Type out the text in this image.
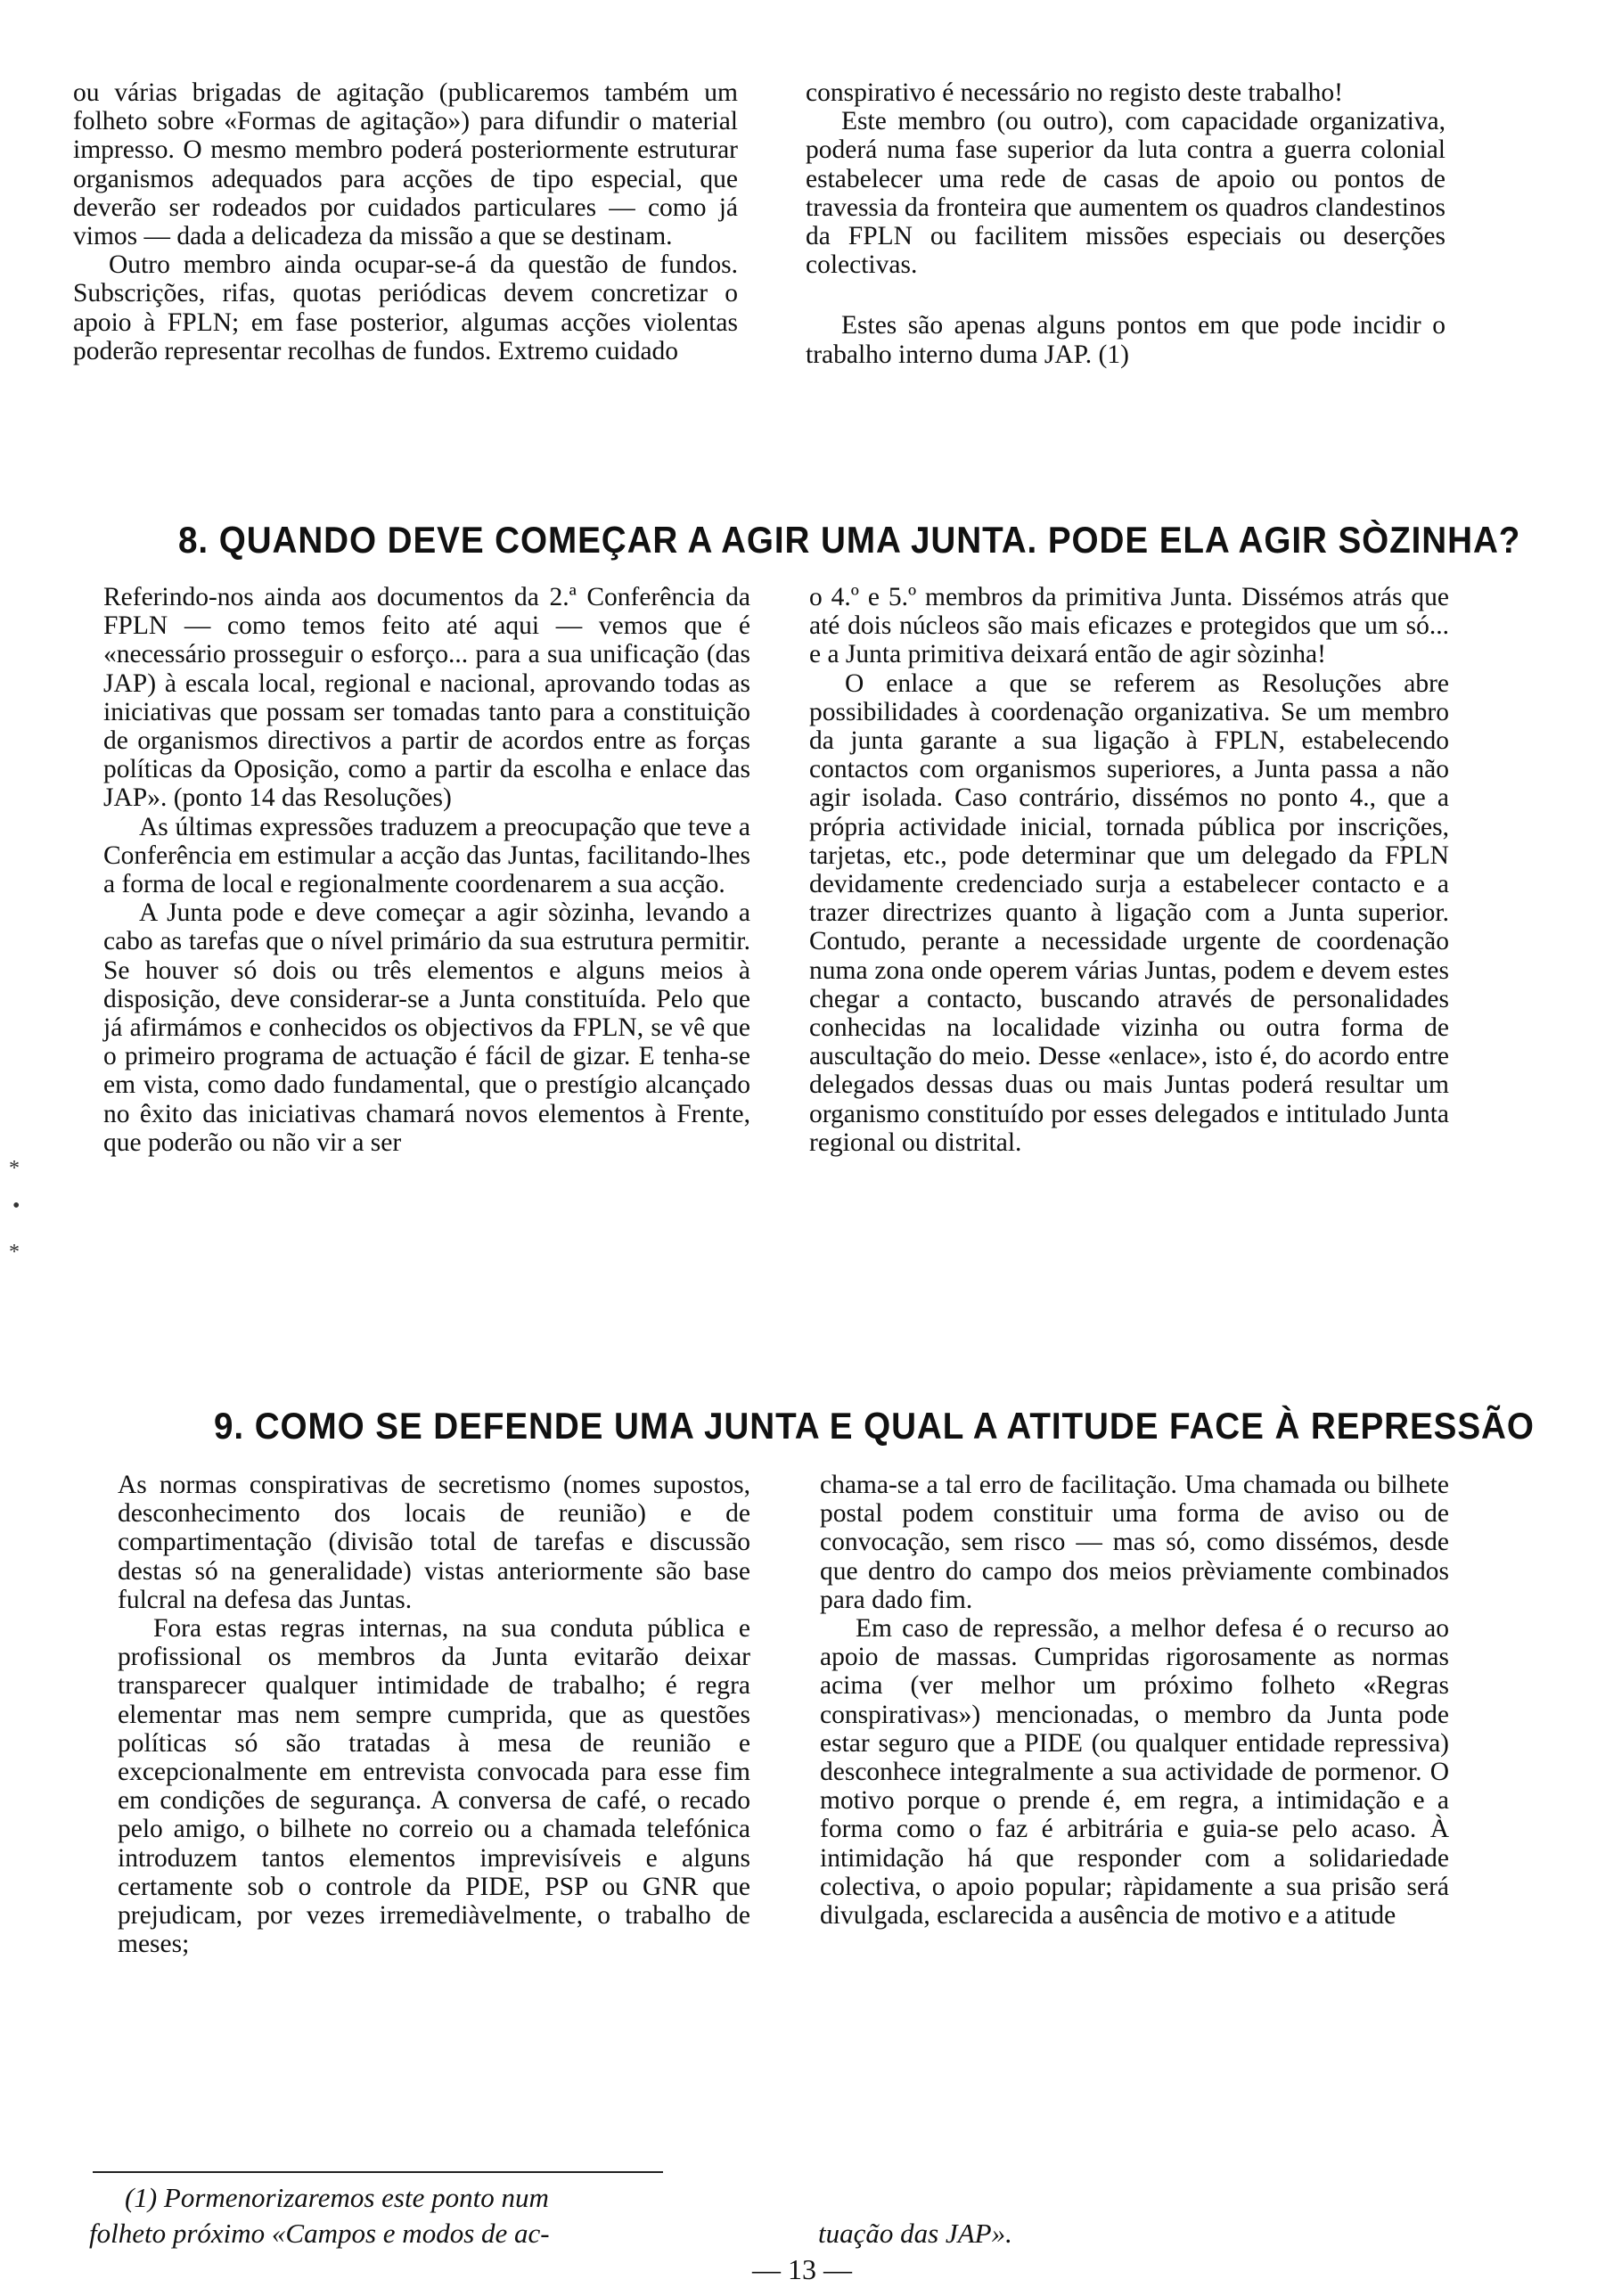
ou várias brigadas de agitação (publicaremos também um folheto sobre «Formas de agitação») para difundir o material impresso. O mesmo membro poderá posteriormente estruturar organismos adequados para acções de tipo especial, que deverão ser rodeados por cuidados particulares — como já vimos — dada a delicadeza da missão a que se destinam.

Outro membro ainda ocupar-se-á da questão de fundos. Subscrições, rifas, quotas periódicas devem concretizar o apoio à FPLN; em fase posterior, algumas acções violentas poderão representar recolhas de fundos. Extremo cuidado

conspirativo é necessário no registo deste trabalho!

Este membro (ou outro), com capacidade organizativa, poderá numa fase superior da luta contra a guerra colonial estabelecer uma rede de casas de apoio ou pontos de travessia da fronteira que aumentem os quadros clandestinos da FPLN ou facilitem missões especiais ou deserções colectivas.

Estes são apenas alguns pontos em que pode incidir o trabalho interno duma JAP. (1)

8. QUANDO DEVE COMEÇAR A AGIR UMA JUNTA. PODE ELA AGIR SÒZINHA?

Referindo-nos ainda aos documentos da 2.ª Conferência da FPLN — como temos feito até aqui — vemos que é «necessário prosseguir o esforço... para a sua unificação (das JAP) à escala local, regional e nacional, aprovando todas as iniciativas que possam ser tomadas tanto para a constituição de organismos directivos a partir de acordos entre as forças políticas da Oposição, como a partir da escolha e enlace das JAP». (ponto 14 das Resoluções)

As últimas expressões traduzem a preocupação que teve a Conferência em estimular a acção das Juntas, facilitando-lhes a forma de local e regionalmente coordenarem a sua acção.

A Junta pode e deve começar a agir sòzinha, levando a cabo as tarefas que o nível primário da sua estrutura permitir. Se houver só dois ou três elementos e alguns meios à disposição, deve considerar-se a Junta constituída. Pelo que já afirmámos e conhecidos os objectivos da FPLN, se vê que o primeiro programa de actuação é fácil de gizar. E tenha-se em vista, como dado fundamental, que o prestígio alcançado no êxito das iniciativas chamará novos elementos à Frente, que poderão ou não vir a ser

o 4.º e 5.º membros da primitiva Junta. Dissémos atrás que até dois núcleos são mais eficazes e protegidos que um só... e a Junta primitiva deixará então de agir sòzinha!

O enlace a que se referem as Resoluções abre possibilidades à coordenação organizativa. Se um membro da junta garante a sua ligação à FPLN, estabelecendo contactos com organismos superiores, a Junta passa a não agir isolada. Caso contrário, dissémos no ponto 4., que a própria actividade inicial, tornada pública por inscrições, tarjetas, etc., pode determinar que um delegado da FPLN devidamente credenciado surja a estabelecer contacto e a trazer directrizes quanto à ligação com a Junta superior. Contudo, perante a necessidade urgente de coordenação numa zona onde operem várias Juntas, podem e devem estes chegar a contacto, buscando através de personalidades conhecidas na localidade vizinha ou outra forma de auscultação do meio. Desse «enlace», isto é, do acordo entre delegados dessas duas ou mais Juntas poderá resultar um organismo constituído por esses delegados e intitulado Junta regional ou distrital.

*
•
*
9. COMO SE DEFENDE UMA JUNTA E QUAL A ATITUDE FACE À REPRESSÃO

As normas conspirativas de secretismo (nomes supostos, desconhecimento dos locais de reunião) e de compartimentação (divisão total de tarefas e discussão destas só na generalidade) vistas anteriormente são base fulcral na defesa das Juntas.

Fora estas regras internas, na sua conduta pública e profissional os membros da Junta evitarão deixar transparecer qualquer intimidade de trabalho; é regra elementar mas nem sempre cumprida, que as questões políticas só são tratadas à mesa de reunião e excepcionalmente em entrevista convocada para esse fim em condições de segurança. A conversa de café, o recado pelo amigo, o bilhete no correio ou a chamada telefónica introduzem tantos elementos imprevisíveis e alguns certamente sob o controle da PIDE, PSP ou GNR que prejudicam, por vezes irremediàvelmente, o trabalho de meses;

chama-se a tal erro de facilitação. Uma chamada ou bilhete postal podem constituir uma forma de aviso ou de convocação, sem risco — mas só, como dissémos, desde que dentro do campo dos meios prèviamente combinados para dado fim.

Em caso de repressão, a melhor defesa é o recurso ao apoio de massas. Cumpridas rigorosamente as normas acima (ver melhor um próximo folheto «Regras conspirativas») mencionadas, o membro da Junta pode estar seguro que a PIDE (ou qualquer entidade repressiva) desconhece integralmente a sua actividade de pormenor. O motivo porque o prende é, em regra, a intimidação e a forma como o faz é arbitrária e guia-se pelo acaso. À intimidação há que responder com a solidariedade colectiva, o apoio popular; ràpidamente a sua prisão será divulgada, esclarecida a ausência de motivo e a atitude

(1) Pormenorizaremos este ponto num
folheto próximo «Campos e modos de ac-	tuação das JAP».
— 13 —
